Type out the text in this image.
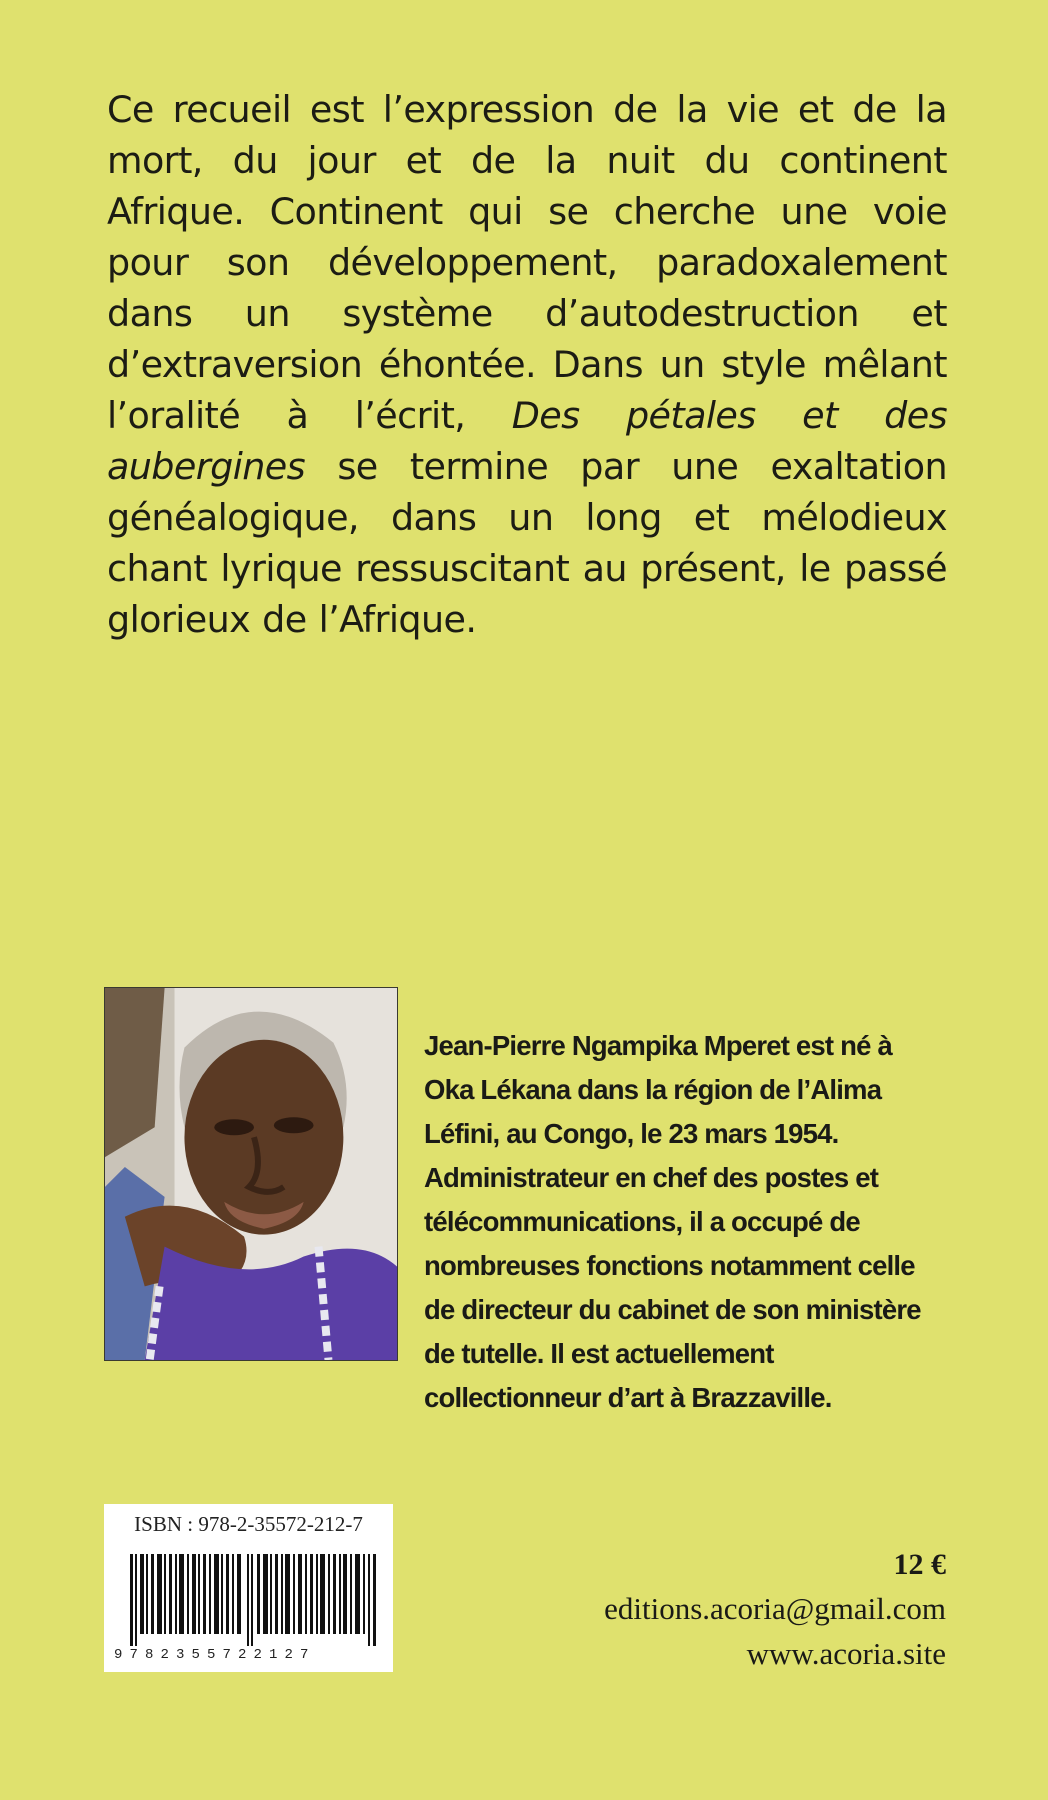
Ce recueil est l’expression de la vie et de la mort, du jour et de la nuit du continent Afrique. Continent qui se cherche une voie pour son développement, paradoxalement dans un système d’autodestruction et d’extraversion éhontée. Dans un style mêlant l’oralité à l’écrit, Des pétales et des aubergines se termine par une exaltation généalogique, dans un long et mélodieux chant lyrique ressuscitant au présent, le passé glorieux de l’Afrique.

Jean-Pierre Ngampika Mperet est né à Oka Lékana dans la région de l’Alima Léfini, au Congo, le 23 mars 1954. Administrateur en chef des postes et télécommunications, il a occupé de nombreuses fonctions notamment celle de directeur du cabinet de son ministère de tutelle. Il est actuellement collectionneur d’art à Brazzaville.

ISBN : 978-2-35572-212-7
9782355722127
12 €
editions.acoria@gmail.com
www.acoria.site
